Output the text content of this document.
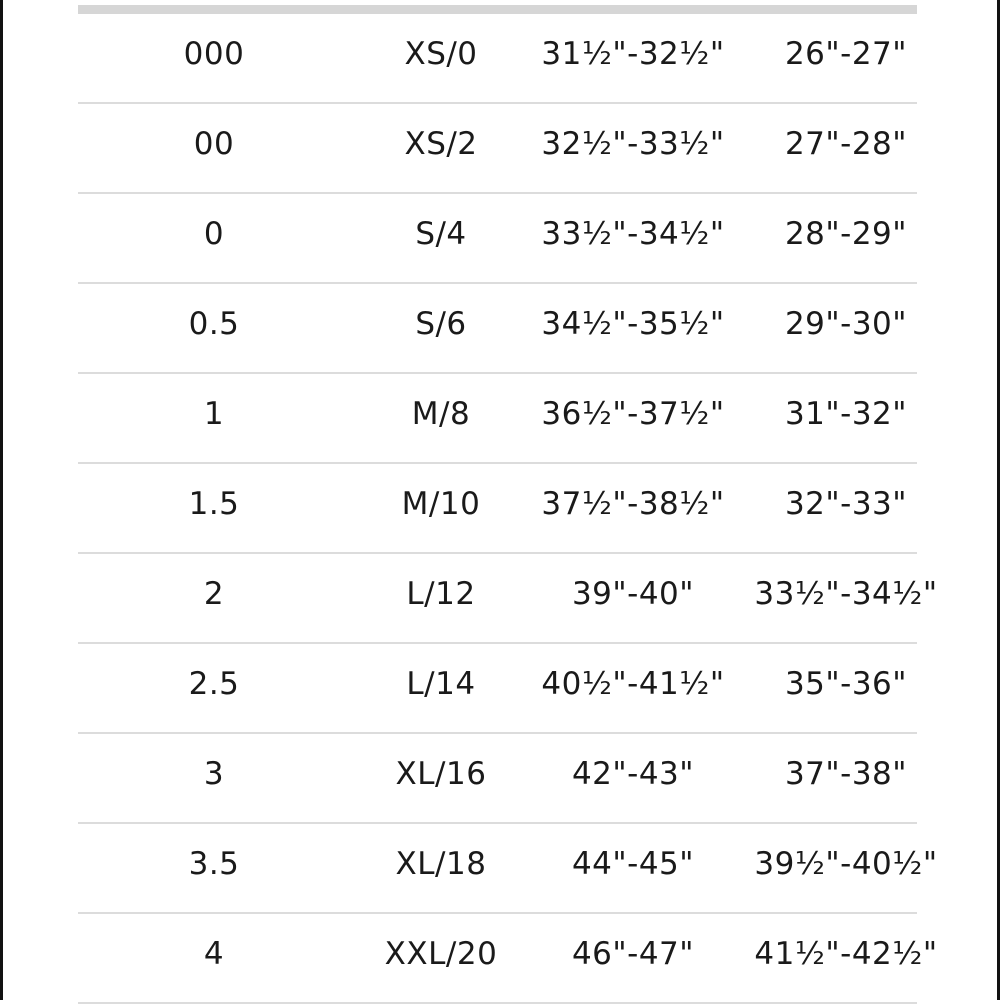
000	XS/0	31½"-32½"	26"-27"
00	XS/2	32½"-33½"	27"-28"
0	S/4	33½"-34½"	28"-29"
0.5	S/6	34½"-35½"	29"-30"
1	M/8	36½"-37½"	31"-32"
1.5	M/10	37½"-38½"	32"-33"
2	L/12	39"-40"	33½"-34½"
2.5	L/14	40½"-41½"	35"-36"
3	XL/16	42"-43"	37"-38"
3.5	XL/18	44"-45"	39½"-40½"
4	XXL/20	46"-47"	41½"-42½"
